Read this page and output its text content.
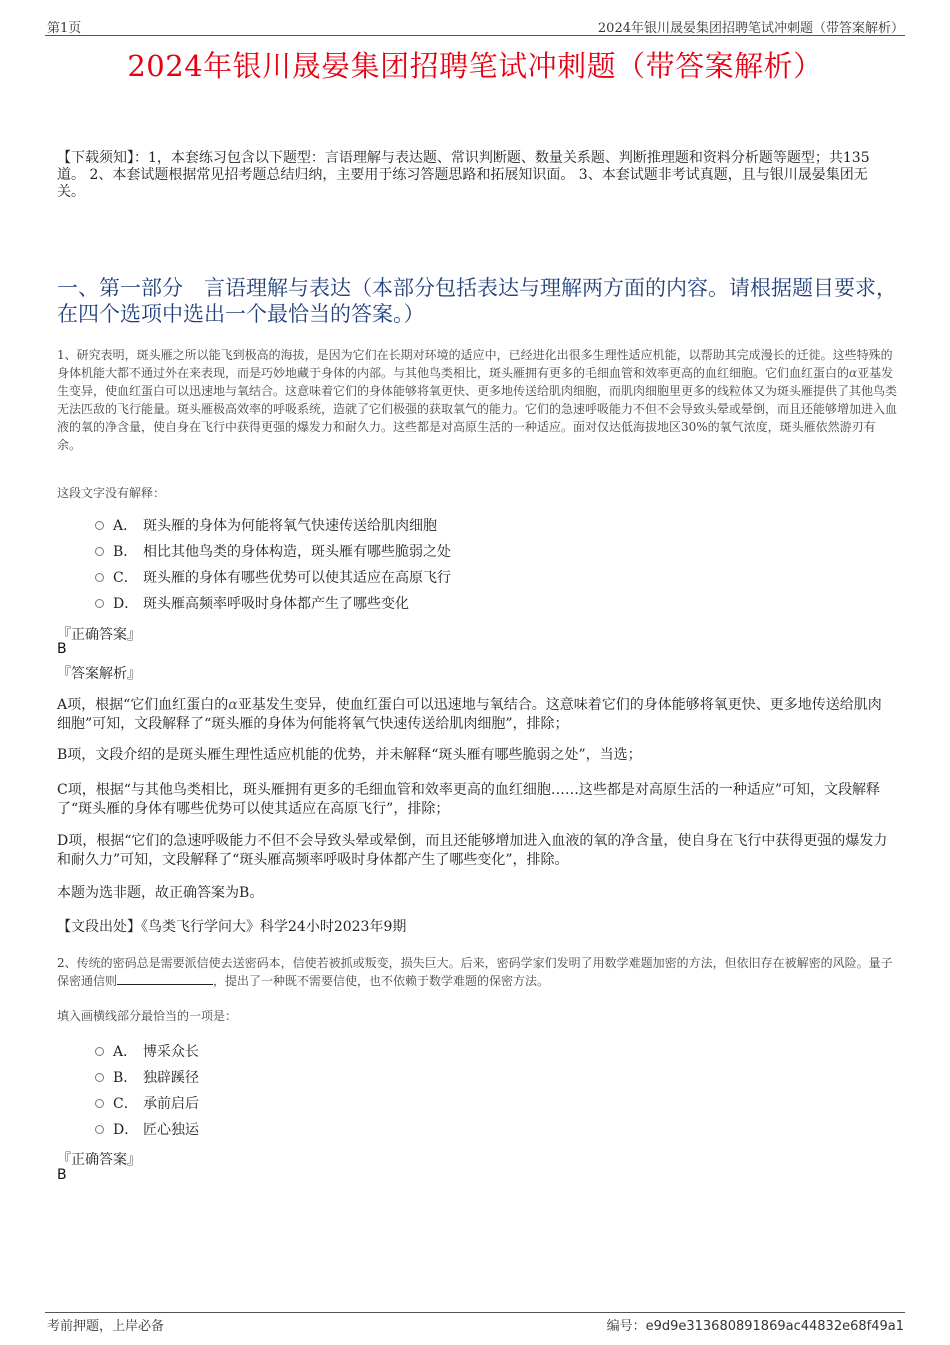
第1页	2024年银川晟晏集团招聘笔试冲刺题（带答案解析）
2024年银川晟晏集团招聘笔试冲刺题（带答案解析）
【下载须知】：1，本套练习包含以下题型：言语理解与表达题、常识判断题、数量关系题、判断推理题和资料分析题等题型；共135道。 2、本套试题根据常见招考题总结归纳，主要用于练习答题思路和拓展知识面。 3、本套试题非考试真题，且与银川晟晏集团无关。
一、第一部分　言语理解与表达（本部分包括表达与理解两方面的内容。请根据题目要求，在四个选项中选出一个最恰当的答案。）
1、研究表明，斑头雁之所以能飞到极高的海拔，是因为它们在长期对环境的适应中，已经进化出很多生理性适应机能，以帮助其完成漫长的迁徙。这些特殊的身体机能大都不通过外在来表现，而是巧妙地藏于身体的内部。与其他鸟类相比，斑头雁拥有更多的毛细血管和效率更高的血红细胞。它们血红蛋白的α亚基发生变异，使血红蛋白可以迅速地与氧结合。这意味着它们的身体能够将氧更快、更多地传送给肌肉细胞，而肌肉细胞里更多的线粒体又为斑头雁提供了其他鸟类无法匹敌的飞行能量。斑头雁极高效率的呼吸系统，造就了它们极强的获取氧气的能力。它们的急速呼吸能力不但不会导致头晕或晕倒，而且还能够增加进入血液的氧的净含量，使自身在飞行中获得更强的爆发力和耐久力。这些都是对高原生活的一种适应。面对仅达低海拔地区30%的氧气浓度，斑头雁依然游刃有余。
这段文字没有解释：
A． 斑头雁的身体为何能将氧气快速传送给肌肉细胞
B． 相比其他鸟类的身体构造，斑头雁有哪些脆弱之处
C． 斑头雁的身体有哪些优势可以使其适应在高原飞行
D． 斑头雁高频率呼吸时身体都产生了哪些变化
『正确答案』
B
『答案解析』
A项，根据“它们血红蛋白的α亚基发生变异，使血红蛋白可以迅速地与氧结合。这意味着它们的身体能够将氧更快、更多地传送给肌肉细胞”可知，文段解释了“斑头雁的身体为何能将氧气快速传送给肌肉细胞”，排除；
B项，文段介绍的是斑头雁生理性适应机能的优势，并未解释“斑头雁有哪些脆弱之处”，当选；
C项，根据“与其他鸟类相比，斑头雁拥有更多的毛细血管和效率更高的血红细胞……这些都是对高原生活的一种适应”可知，文段解释了“斑头雁的身体有哪些优势可以使其适应在高原飞行”，排除；
D项，根据“它们的急速呼吸能力不但不会导致头晕或晕倒，而且还能够增加进入血液的氧的净含量，使自身在飞行中获得更强的爆发力和耐久力”可知，文段解释了“斑头雁高频率呼吸时身体都产生了哪些变化”，排除。
本题为选非题，故正确答案为B。
【文段出处】《鸟类飞行学问大》科学24小时2023年9期
2、传统的密码总是需要派信使去送密码本，信使若被抓或叛变，损失巨大。后来，密码学家们发明了用数学难题加密的方法，但依旧存在被解密的风险。量子保密通信则	，提出了一种既不需要信使，也不依赖于数学难题的保密方法。
填入画横线部分最恰当的一项是：
A． 博采众长
B． 独辟蹊径
C． 承前启后
D． 匠心独运
『正确答案』
B
考前押题，上岸必备	编号：e9d9e313680891869ac44832e68f49a1
